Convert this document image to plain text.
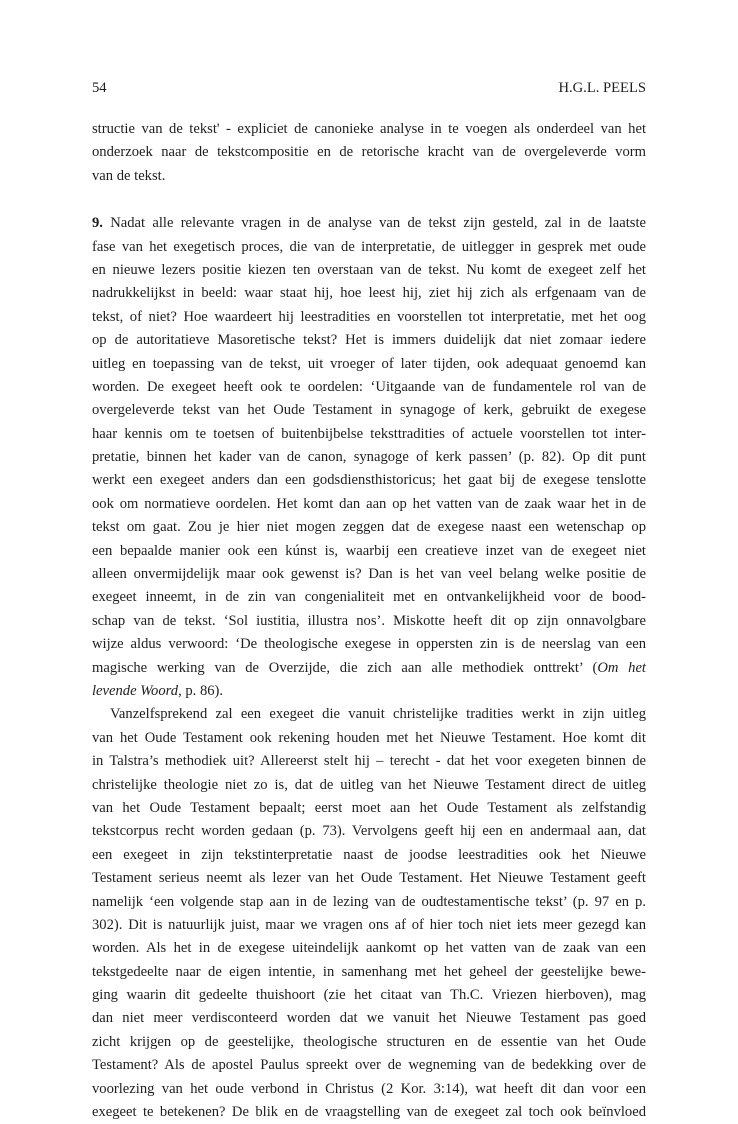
54	H.G.L. PEELS
structie van de tekst' - expliciet de canonieke analyse in te voegen als onderdeel van het
onderzoek naar de tekstcompositie en de retorische kracht van de overgeleverde vorm
van de tekst.
9. Nadat alle relevante vragen in de analyse van de tekst zijn gesteld, zal in de laatste
fase van het exegetisch proces, die van de interpretatie, de uitlegger in gesprek met oude
en nieuwe lezers positie kiezen ten overstaan van de tekst. Nu komt de exegeet zelf het
nadrukkelijkst in beeld: waar staat hij, hoe leest hij, ziet hij zich als erfgenaam van de
tekst, of niet? Hoe waardeert hij leestradities en voorstellen tot interpretatie, met het oog
op de autoritatieve Masoretische tekst? Het is immers duidelijk dat niet zomaar iedere
uitleg en toepassing van de tekst, uit vroeger of later tijden, ook adequaat genoemd kan
worden. De exegeet heeft ook te oordelen: ‘Uitgaande van de fundamentele rol van de
overgeleverde tekst van het Oude Testament in synagoge of kerk, gebruikt de exegese
haar kennis om te toetsen of buitenbijbelse teksttradities of actuele voorstellen tot inter-
pretatie, binnen het kader van de canon, synagoge of kerk passen’ (p. 82). Op dit punt
werkt een exegeet anders dan een godsdiensthistoricus; het gaat bij de exegese tenslotte
ook om normatieve oordelen. Het komt dan aan op het vatten van de zaak waar het in de
tekst om gaat. Zou je hier niet mogen zeggen dat de exegese naast een wetenschap op
een bepaalde manier ook een kúnst is, waarbij een creatieve inzet van de exegeet niet
alleen onvermijdelijk maar ook gewenst is? Dan is het van veel belang welke positie de
exegeet inneemt, in de zin van congenialiteit met en ontvankelijkheid voor de bood-
schap van de tekst. ‘Sol iustitia, illustra nos’. Miskotte heeft dit op zijn onnavolgbare
wijze aldus verwoord: ‘De theologische exegese in oppersten zin is de neerslag van een
magische werking van de Overzijde, die zich aan alle methodiek onttrekt’ (Om het
levende Woord, p. 86).
Vanzelfsprekend zal een exegeet die vanuit christelijke tradities werkt in zijn uitleg
van het Oude Testament ook rekening houden met het Nieuwe Testament. Hoe komt dit
in Talstra’s methodiek uit? Allereerst stelt hij – terecht - dat het voor exegeten binnen de
christelijke theologie niet zo is, dat de uitleg van het Nieuwe Testament direct de uitleg
van het Oude Testament bepaalt; eerst moet aan het Oude Testament als zelfstandig
tekstcorpus recht worden gedaan (p. 73). Vervolgens geeft hij een en andermaal aan, dat
een exegeet in zijn tekstinterpretatie naast de joodse leestradities ook het Nieuwe
Testament serieus neemt als lezer van het Oude Testament. Het Nieuwe Testament geeft
namelijk ‘een volgende stap aan in de lezing van de oudtestamentische tekst’ (p. 97 en p.
302). Dit is natuurlijk juist, maar we vragen ons af of hier toch niet iets meer gezegd kan
worden. Als het in de exegese uiteindelijk aankomt op het vatten van de zaak van een
tekstgedeelte naar de eigen intentie, in samenhang met het geheel der geestelijke bewe-
ging waarin dit gedeelte thuishoort (zie het citaat van Th.C. Vriezen hierboven), mag
dan niet meer verdisconteerd worden dat we vanuit het Nieuwe Testament pas goed
zicht krijgen op de geestelijke, theologische structuren en de essentie van het Oude
Testament? Als de apostel Paulus spreekt over de wegneming van de bedekking over de
voorlezing van het oude verbond in Christus (2 Kor. 3:14), wat heeft dit dan voor een
exegeet te betekenen? De blik en de vraagstelling van de exegeet zal toch ook beïnvloed
